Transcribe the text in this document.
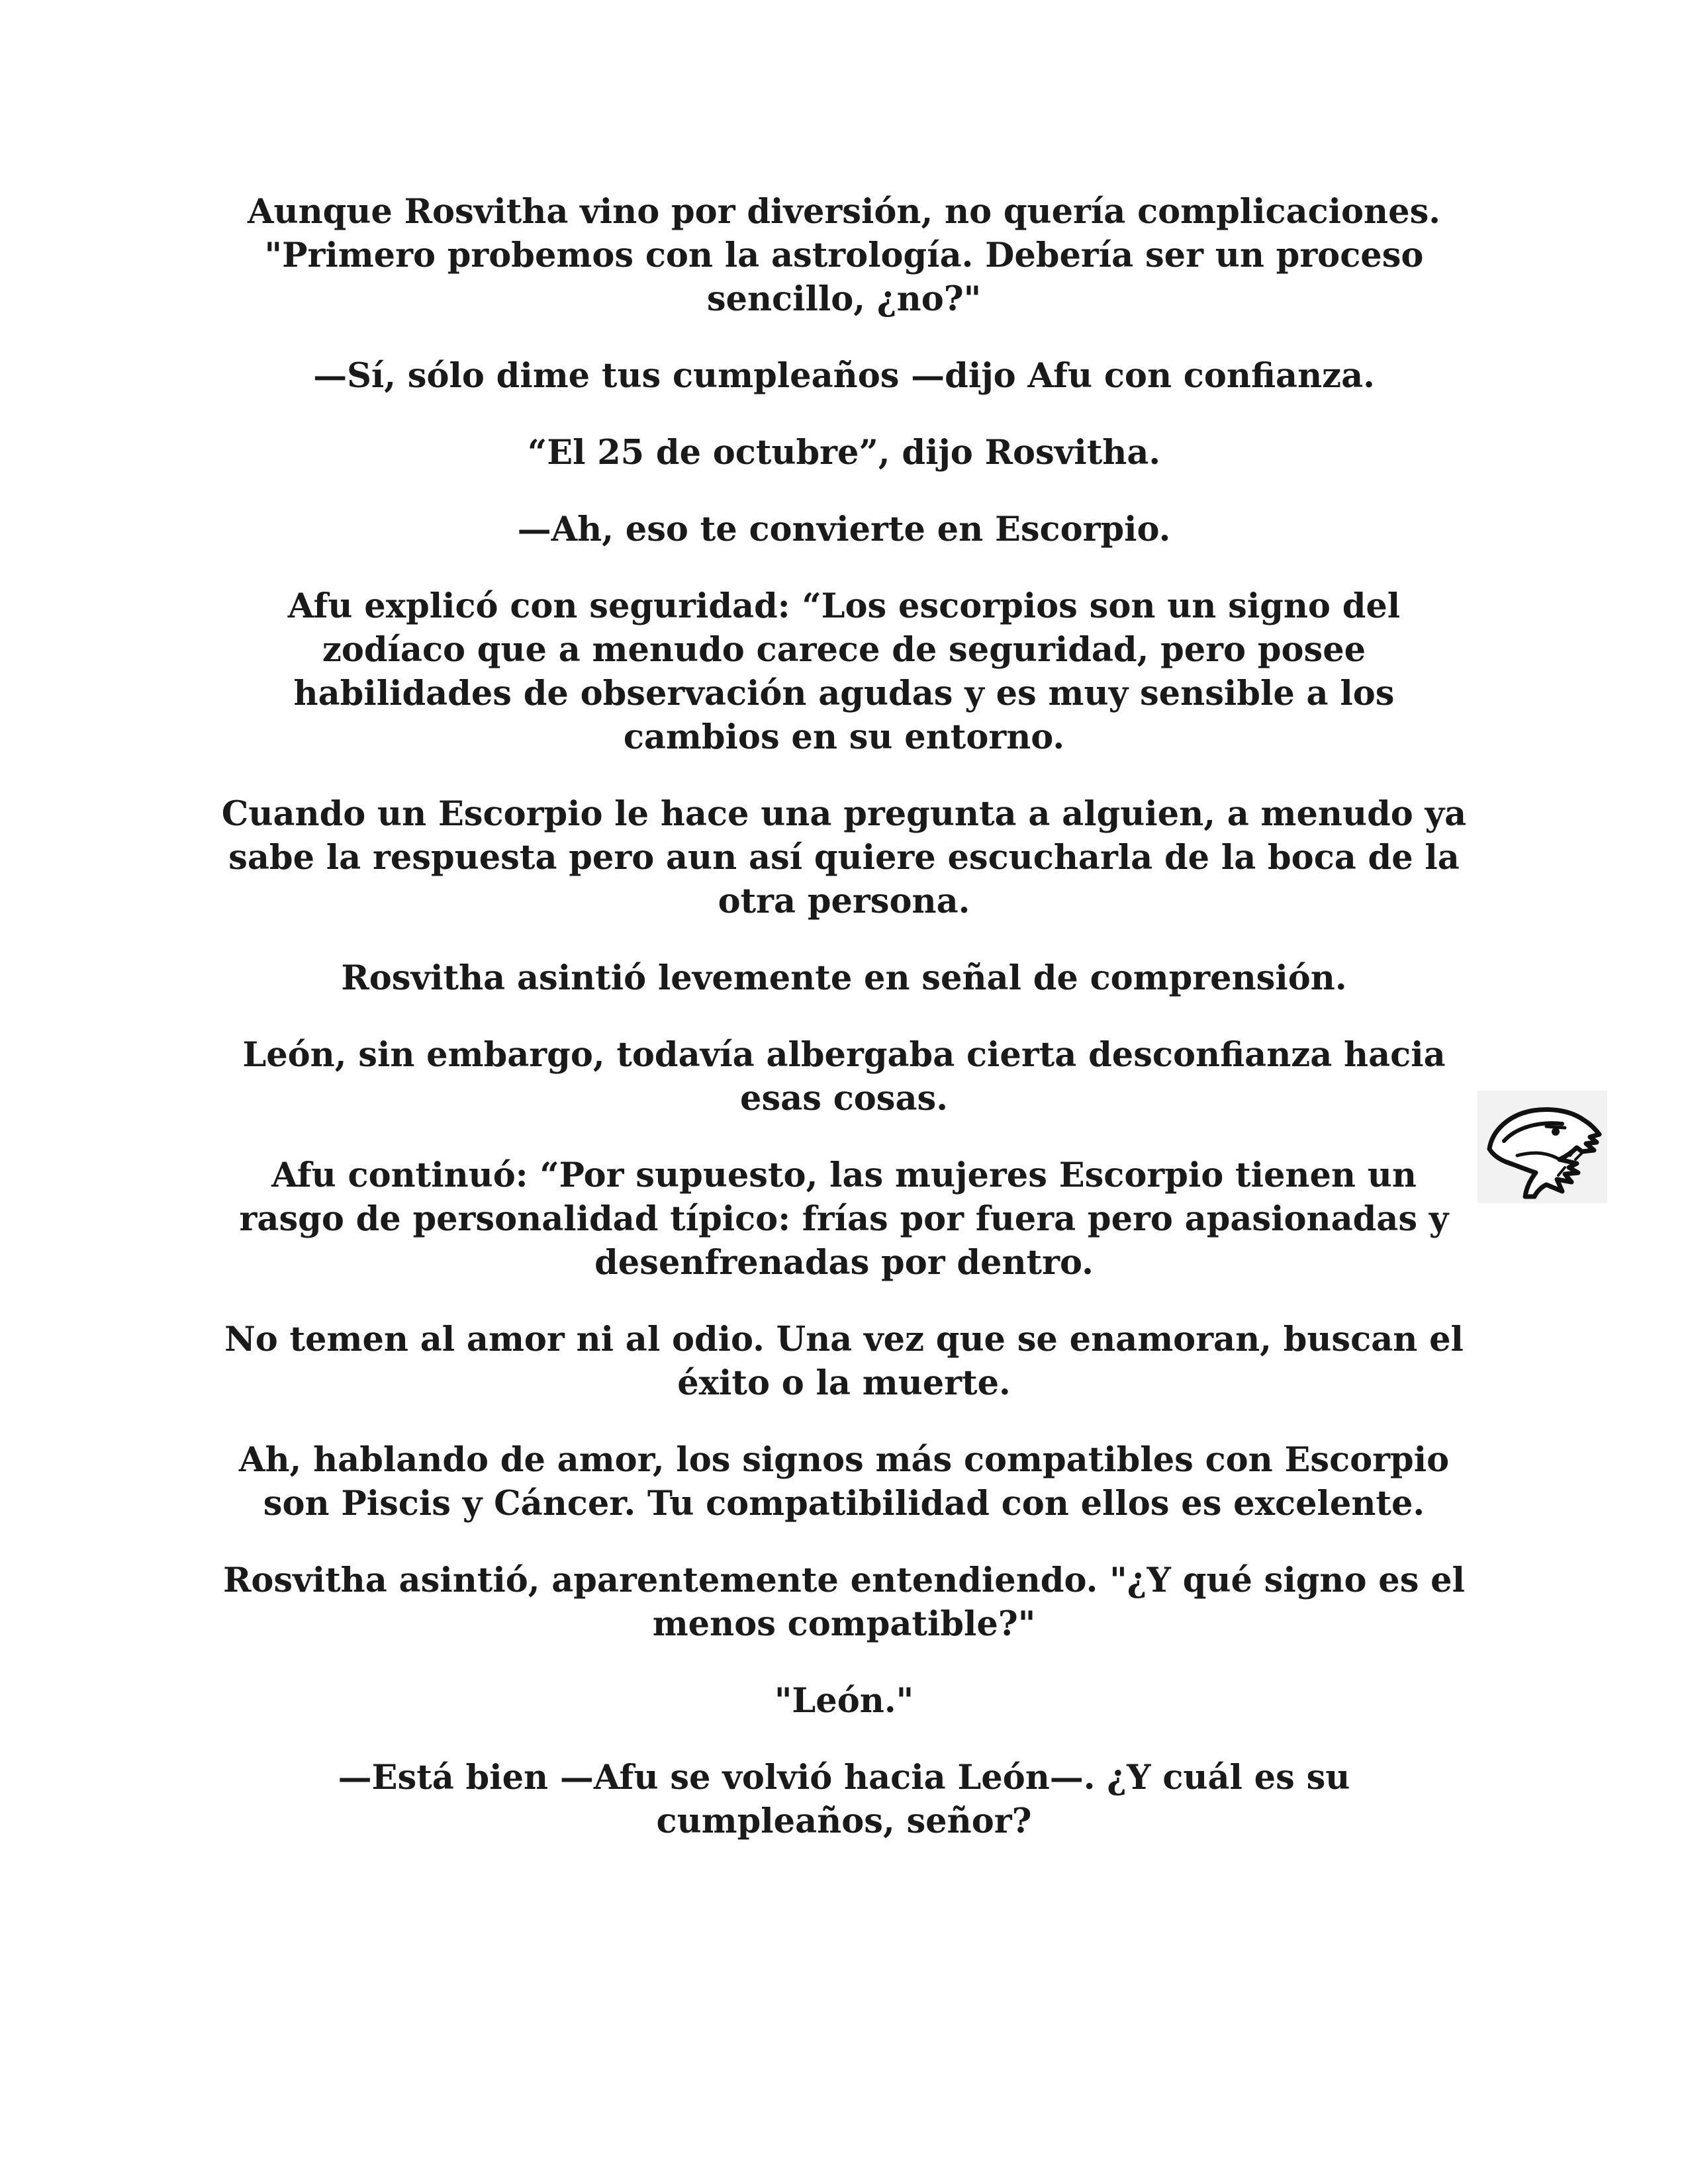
Aunque Rosvitha vino por diversión, no quería complicaciones. "Primero probemos con la astrología. Debería ser un proceso sencillo, ¿no?"

—Sí, sólo dime tus cumpleaños —dijo Afu con confianza.

“El 25 de octubre”, dijo Rosvitha.

—Ah, eso te convierte en Escorpio.

Afu explicó con seguridad: “Los escorpios son un signo del zodíaco que a menudo carece de seguridad, pero posee habilidades de observación agudas y es muy sensible a los cambios en su entorno.

Cuando un Escorpio le hace una pregunta a alguien, a menudo ya sabe la respuesta pero aun así quiere escucharla de la boca de la otra persona.

Rosvitha asintió levemente en señal de comprensión.

León, sin embargo, todavía albergaba cierta desconfianza hacia esas cosas.

Afu continuó: “Por supuesto, las mujeres Escorpio tienen un rasgo de personalidad típico: frías por fuera pero apasionadas y desenfrenadas por dentro.

No temen al amor ni al odio. Una vez que se enamoran, buscan el éxito o la muerte.

Ah, hablando de amor, los signos más compatibles con Escorpio son Piscis y Cáncer. Tu compatibilidad con ellos es excelente.

Rosvitha asintió, aparentemente entendiendo. "¿Y qué signo es el menos compatible?"

"León."

—Está bien —Afu se volvió hacia León—. ¿Y cuál es su cumpleaños, señor?
